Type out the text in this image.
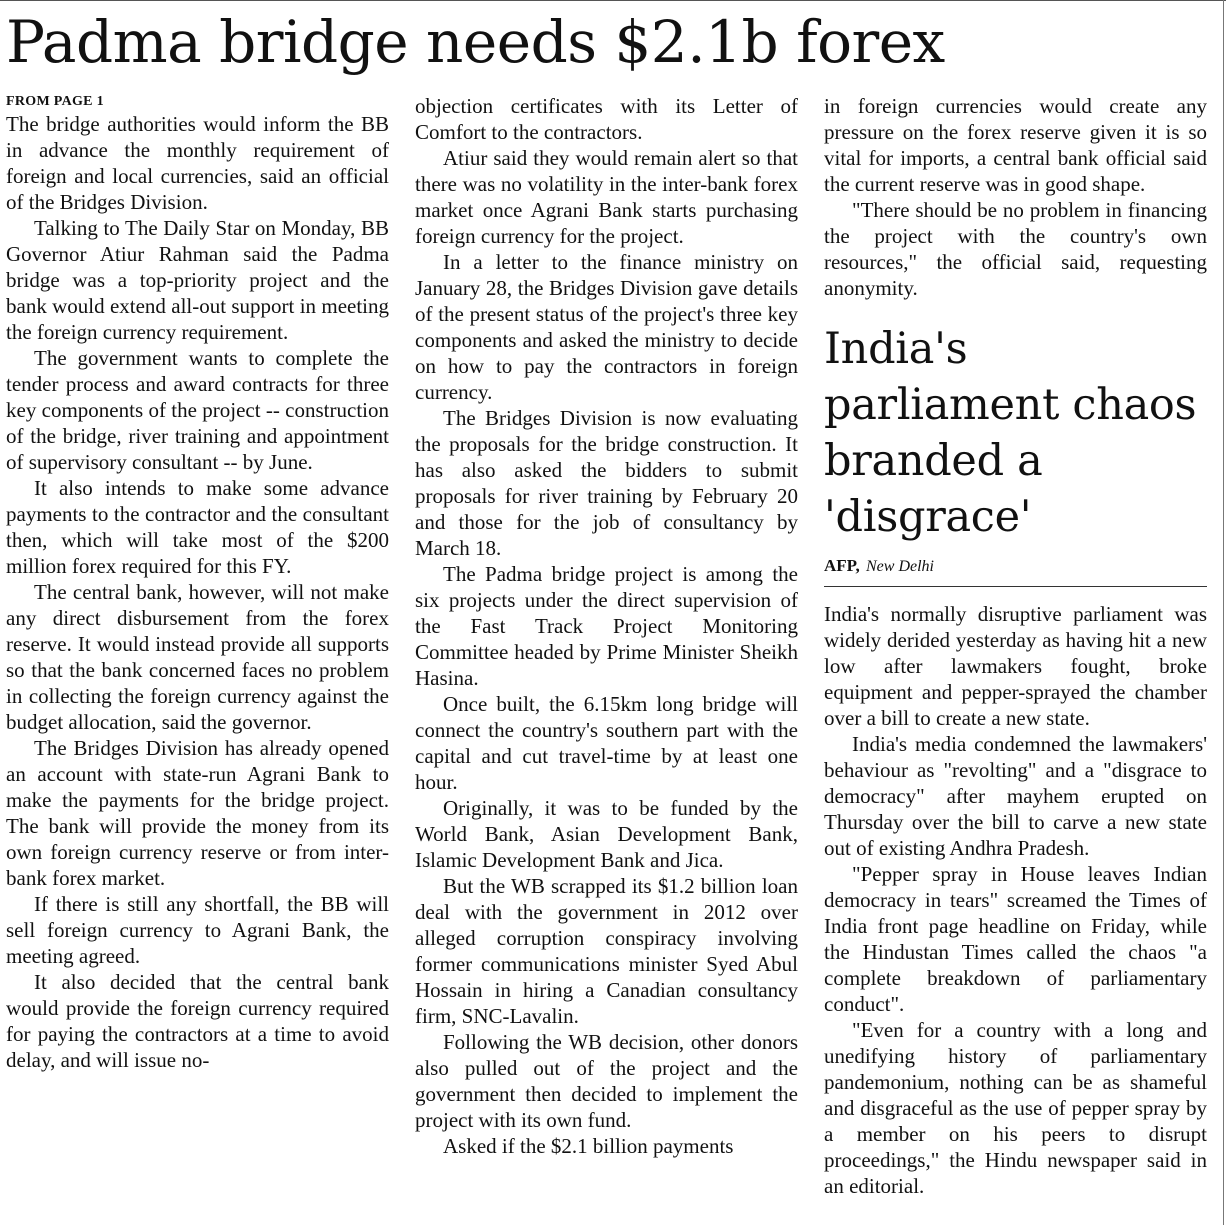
Padma bridge needs $2.1b forex
FROM PAGE 1

The bridge authorities would inform the BB in advance the monthly requirement of foreign and local currencies, said an official of the Bridges Division.

Talking to The Daily Star on Monday, BB Governor Atiur Rahman said the Padma bridge was a top-priority project and the bank would extend all-out support in meeting the foreign currency requirement.

The government wants to complete the tender process and award contracts for three key components of the project -- construction of the bridge, river training and appointment of supervisory consultant -- by June.

It also intends to make some advance payments to the contractor and the consultant then, which will take most of the $200 million forex required for this FY.

The central bank, however, will not make any direct disbursement from the forex reserve. It would instead provide all supports so that the bank concerned faces no problem in collecting the foreign currency against the budget allocation, said the governor.

The Bridges Division has already opened an account with state-run Agrani Bank to make the payments for the bridge project. The bank will provide the money from its own foreign currency reserve or from inter-bank forex market.

If there is still any shortfall, the BB will sell foreign currency to Agrani Bank, the meeting agreed.

It also decided that the central bank would provide the foreign currency required for paying the contractors at a time to avoid delay, and will issue no-

objection certificates with its Letter of Comfort to the contractors.

Atiur said they would remain alert so that there was no volatility in the inter-bank forex market once Agrani Bank starts purchasing foreign currency for the project.

In a letter to the finance ministry on January 28, the Bridges Division gave details of the present status of the project's three key components and asked the ministry to decide on how to pay the contractors in foreign currency.

The Bridges Division is now evaluating the proposals for the bridge construction. It has also asked the bidders to submit proposals for river training by February 20 and those for the job of consultancy by March 18.

The Padma bridge project is among the six projects under the direct supervision of the Fast Track Project Monitoring Committee headed by Prime Minister Sheikh Hasina.

Once built, the 6.15km long bridge will connect the country's southern part with the capital and cut travel-time by at least one hour.

Originally, it was to be funded by the World Bank, Asian Development Bank, Islamic Development Bank and Jica.

But the WB scrapped its $1.2 billion loan deal with the government in 2012 over alleged corruption conspiracy involving former communications minister Syed Abul Hossain in hiring a Canadian consultancy firm, SNC-Lavalin.

Following the WB decision, other donors also pulled out of the project and the government then decided to implement the project with its own fund.

Asked if the $2.1 billion payments

in foreign currencies would create any pressure on the forex reserve given it is so vital for imports, a central bank official said the current reserve was in good shape.

"There should be no problem in financing the project with the country's own resources," the official said, requesting anonymity.

India's parliament chaos branded a 'disgrace'
AFP, New Delhi

India's normally disruptive parliament was widely derided yesterday as having hit a new low after lawmakers fought, broke equipment and pepper-sprayed the chamber over a bill to create a new state.

India's media condemned the lawmakers' behaviour as "revolting" and a "disgrace to democracy" after mayhem erupted on Thursday over the bill to carve a new state out of existing Andhra Pradesh.

"Pepper spray in House leaves Indian democracy in tears" screamed the Times of India front page headline on Friday, while the Hindustan Times called the chaos "a complete breakdown of parliamentary conduct".

"Even for a country with a long and unedifying history of parliamentary pandemonium, nothing can be as shameful and disgraceful as the use of pepper spray by a member on his peers to disrupt proceedings," the Hindu newspaper said in an editorial.
